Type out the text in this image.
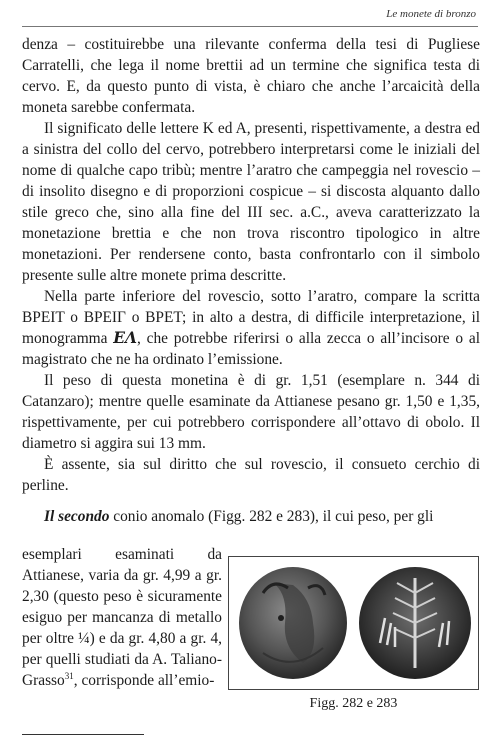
Le monete di bronzo

denza – costituirebbe una rilevante conferma della tesi di Pugliese Carratelli, che lega il nome brettii ad un termine che significa testa di cervo. E, da questo punto di vista, è chiaro che anche l’arcaicità della moneta sarebbe confermata.

Il significato delle lettere K ed A, presenti, rispettivamente, a destra ed a sinistra del collo del cervo, potrebbero interpretarsi come le iniziali del nome di qualche capo tribù; mentre l’aratro che campeggia nel rovescio – di insolito disegno e di proporzioni cospicue – si discosta alquanto dallo stile greco che, sino alla fine del III sec. a.C., aveva caratterizzato la monetazione brettia e che non trova riscontro tipologico in altre monetazioni. Per rendersene conto, basta confrontarlo con il simbolo presente sulle altre monete prima descritte.

Nella parte inferiore del rovescio, sotto l’aratro, compare la scritta ΒΡΕΙΤ o ΒΡΕΙΓ o ΒΡΕΤ; in alto a destra, di difficile interpretazione, il monogramma ΕΛ, che potrebbe riferirsi o alla zecca o all’incisore o al magistrato che ne ha ordinato l’emissione.

Il peso di questa monetina è di gr. 1,51 (esemplare n. 344 di Catanzaro); mentre quelle esaminate da Attianese pesano gr. 1,50 e 1,35, rispettivamente, per cui potrebbero corrispondere all’ottavo di obolo. Il diametro si aggira sui 13 mm.

È assente, sia sul diritto che sul rovescio, il consueto cerchio di perline.

Il secondo conio anomalo (Figg. 282 e 283), il cui peso, per gli

esemplari esaminati da Attianese, varia da gr. 4,99 a gr. 2,30 (questo peso è sicuramente esiguo per mancanza di metallo per oltre ¼) e da gr. 4,80 a gr. 4, per quelli studiati da A. Taliano-Grasso$^{31}$, corrisponde all’emio-

Figg. 282 e 283
